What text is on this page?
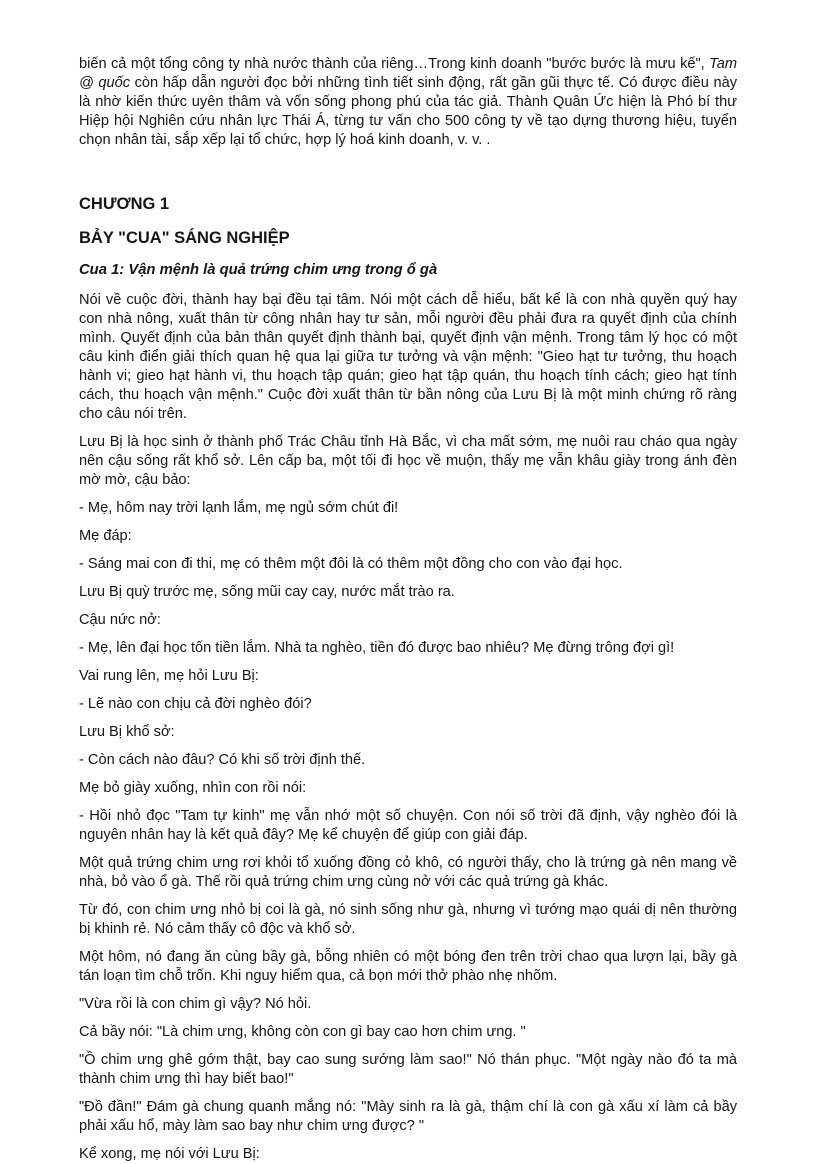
biến cả một tổng công ty nhà nước thành của riêng…Trong kinh doanh "bước bước là mưu kế", Tam @ quốc còn hấp dẫn người đọc bởi những tình tiết sinh động, rất gần gũi thực tế. Có được điều này là nhờ kiến thức uyên thâm và vốn sống phong phú của tác giả. Thành Quân Ức hiện là Phó bí thư Hiệp hội Nghiên cứu nhân lực Thái Á, từng tư vấn cho 500 công ty về tạo dựng thương hiệu, tuyển chọn nhân tài, sắp xếp lại tổ chức, hợp lý hoá kinh doanh, v. v. .

CHƯƠNG 1
BẢY "CUA" SÁNG NGHIỆP
Cua 1: Vận mệnh là quả trứng chim ưng trong ổ gà

Nói về cuộc đời, thành hay bại đều tại tâm. Nói một cách dễ hiểu, bất kể là con nhà quyền quý hay con nhà nông, xuất thân từ công nhân hay tư sản, mỗi người đều phải đưa ra quyết định của chính mình. Quyết định của bản thân quyết định thành bại, quyết định vận mệnh. Trong tâm lý học có một câu kinh điển giải thích quan hệ qua lại giữa tư tưởng và vận mệnh: "Gieo hạt tư tưởng, thu hoạch hành vi; gieo hạt hành vi, thu hoạch tập quán; gieo hạt tập quán, thu hoạch tính cách; gieo hạt tính cách, thu hoạch vận mệnh." Cuộc đời xuất thân từ bần nông của Lưu Bị là một minh chứng rõ ràng cho câu nói trên.

Lưu Bị là học sinh ở thành phố Trác Châu tỉnh Hà Bắc, vì cha mất sớm, mẹ nuôi rau cháo qua ngày nên cậu sống rất khổ sở. Lên cấp ba, một tối đi học về muộn, thấy mẹ vẫn khâu giày trong ánh đèn mờ mờ, cậu bảo:

- Mẹ, hôm nay trời lạnh lắm, mẹ ngủ sớm chút đi!

Mẹ đáp:

- Sáng mai con đi thi, mẹ có thêm một đôi là có thêm một đồng cho con vào đại học.

Lưu Bị quỳ trước mẹ, sống mũi cay cay, nước mắt trào ra.

Cậu nức nở:

- Mẹ, lên đại học tốn tiền lắm. Nhà ta nghèo, tiền đó được bao nhiêu? Mẹ đừng trông đợi gì!

Vai rung lên, mẹ hỏi Lưu Bị:

- Lẽ nào con chịu cả đời nghèo đói?

Lưu Bị khổ sở:

- Còn cách nào đâu? Có khi số trời định thế.

Mẹ bỏ giày xuống, nhìn con rồi nói:

- Hồi nhỏ đọc "Tam tự kinh" mẹ vẫn nhớ một số chuyện. Con nói số trời đã định, vậy nghèo đói là nguyên nhân hay là kết quả đây? Mẹ kể chuyện để giúp con giải đáp.

Một quả trứng chim ưng rơi khỏi tổ xuống đồng cỏ khô, có người thấy, cho là trứng gà nên mang về nhà, bỏ vào ổ gà. Thế rồi quả trứng chim ưng cùng nở với các quả trứng gà khác.

Từ đó, con chim ưng nhỏ bị coi là gà, nó sinh sống như gà, nhưng vì tướng mạo quái dị nên thường bị khinh rẻ. Nó cảm thấy cô độc và khổ sở.

Một hôm, nó đang ăn cùng bầy gà, bỗng nhiên có một bóng đen trên trời chao qua lượn lại, bầy gà tán loạn tìm chỗ trốn. Khi nguy hiểm qua, cả bọn mới thở phào nhẹ nhõm.

"Vừa rồi là con chim gì vậy? Nó hỏi.

Cả bầy nói: "Là chim ưng, không còn con gì bay cao hơn chim ưng. "

"Ồ chim ưng ghê gớm thật, bay cao sung sướng làm sao!" Nó thán phục. "Một ngày nào đó ta mà thành chim ưng thì hay biết bao!"

"Đồ đần!" Đám gà chung quanh mắng nó: "Mày sinh ra là gà, thậm chí là con gà xấu xí làm cả bầy phải xấu hổ, mày làm sao bay như chim ưng được? "

Kể xong, mẹ nói với Lưu Bị:
